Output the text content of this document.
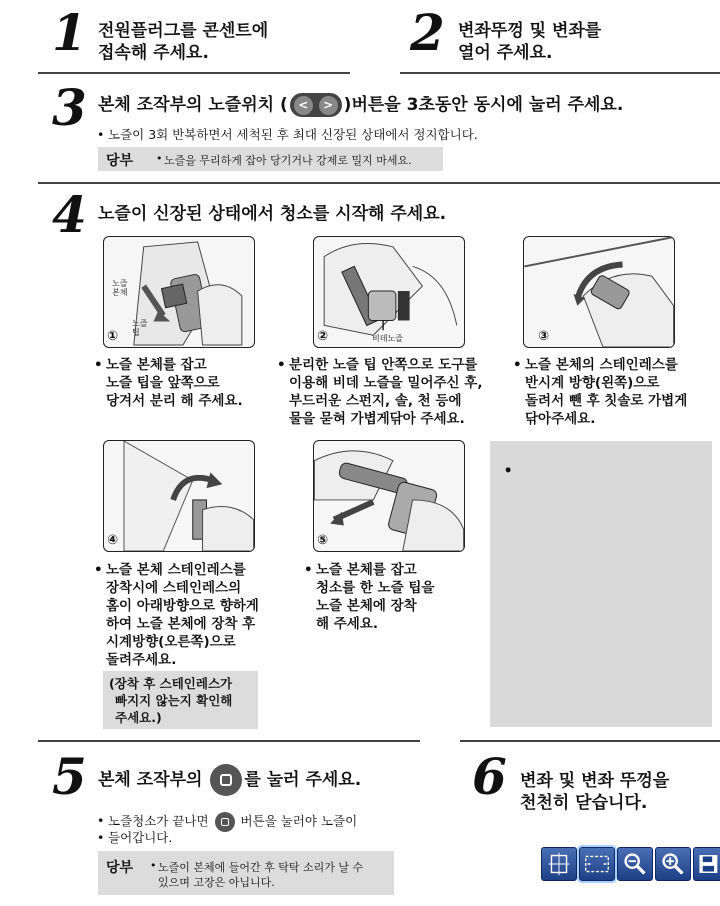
1 전원플러그를 콘센트에
접속해 주세요.	2 변좌뚜껑 및 변좌를
열어 주세요.
3 본체 조작부의 노즐위치 ( < > )버튼을 3초동안 동시에 눌러 주세요.
• 노즐이 3회 반복하면서 세척된 후 최대 신장된 상태에서 정지합니다.
당부 • 노즐을 무리하게 잡아 당기거나 강제로 밀지 마세요.
4 노즐이 신장된 상태에서 청소를 시작해 주세요.
노즐
본체
노즐
팁
①
• 노즐 본체를 잡고
노즐 팁을 앞쪽으로
당겨서 분리 해 주세요.
비데노즐
②
• 분리한 노즐 팁 안쪽으로 도구를
이용해 비데 노즐을 밀어주신 후,
부드러운 스펀지, 솔, 천 등에
물을 묻혀 가볍게닦아 주세요.
③
• 노즐 본체의 스테인레스를
반시계 방향(왼쪽)으로
돌려서 뺀 후 칫솔로 가볍게
닦아주세요.
④
• 노즐 본체 스테인레스를
장착시에 스테인레스의
홈이 아래방향으로 향하게
하여 노즐 본체에 장착 후
시계방향(오른쪽)으로
돌려주세요.
(장착 후 스테인레스가
빠지지 않는지 확인해
주세요.)
⑤
• 노즐 본체를 잡고
청소를 한 노즐 팁을
노즐 본체에 장착
해 주세요.
5 본체 조작부의 를 눌러 주세요.
• 노즐청소가 끝나면	버튼을 눌러야 노즐이
• 들어갑니다.
당부 • 노즐이 본체에 들어간 후 탁탁 소리가 날 수
있으며 고장은 아닙니다.
6 변좌 및 변좌 뚜껑을
천천히 닫습니다.
